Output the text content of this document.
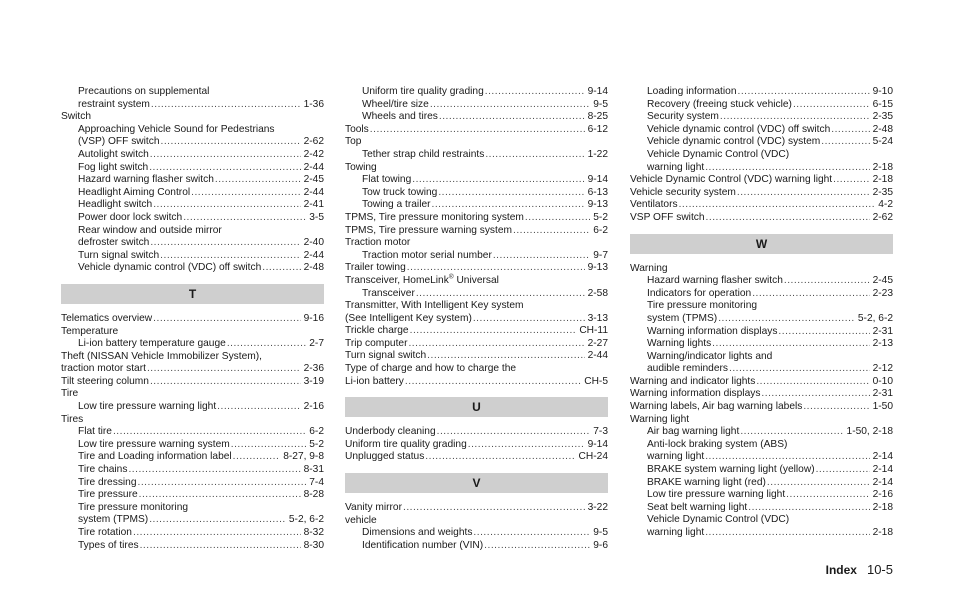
Precautions on supplemental
restraint system .....	1-36
Switch
Approaching Vehicle Sound for Pedestrians
(VSP) OFF switch .....	2-62
Autolight switch .....	2-42
Fog light switch .....	2-44
Hazard warning flasher switch .....	2-45
Headlight Aiming Control .....	2-44
Headlight switch .....	2-41
Power door lock switch .....	3-5
Rear window and outside mirror
defroster switch .....	2-40
Turn signal switch .....	2-44
Vehicle dynamic control (VDC) off switch .....	2-48
T
Telematics overview .....	9-16
Temperature
Li-ion battery temperature gauge .....	2-7
Theft (NISSAN Vehicle Immobilizer System),
traction motor start .....	2-36
Tilt steering column .....	3-19
Tire
Low tire pressure warning light .....	2-16
Tires
Flat tire .....	6-2
Low tire pressure warning system .....	5-2
Tire and Loading information label .....	8-27, 9-8
Tire chains .....	8-31
Tire dressing .....	7-4
Tire pressure .....	8-28
Tire pressure monitoring
system (TPMS) .....	5-2, 6-2
Tire rotation .....	8-32
Types of tires .....	8-30
Uniform tire quality grading .....	9-14
Wheel/tire size .....	9-5
Wheels and tires .....	8-25
Tools .....	6-12
Top
Tether strap child restraints .....	1-22
Towing
Flat towing .....	9-14
Tow truck towing .....	6-13
Towing a trailer .....	9-13
TPMS, Tire pressure monitoring system .....	5-2
TPMS, Tire pressure warning system .....	6-2
Traction motor
Traction motor serial number .....	9-7
Trailer towing .....	9-13
Transceiver, HomeLink® Universal
Transceiver .....	2-58
Transmitter, With Intelligent Key system
(See Intelligent Key system) .....	3-13
Trickle charge .....	CH-11
Trip computer .....	2-27
Turn signal switch .....	2-44
Type of charge and how to charge the
Li-ion battery .....	CH-5
U
Underbody cleaning .....	7-3
Uniform tire quality grading .....	9-14
Unplugged status .....	CH-24
V
Vanity mirror .....	3-22
vehicle
Dimensions and weights .....	9-5
Identification number (VIN) .....	9-6
Loading information .....	9-10
Recovery (freeing stuck vehicle) .....	6-15
Security system .....	2-35
Vehicle dynamic control (VDC) off switch .....	2-48
Vehicle dynamic control (VDC) system .....	5-24
Vehicle Dynamic Control (VDC)
warning light .....	2-18
Vehicle Dynamic Control (VDC) warning light .....	2-18
Vehicle security system .....	2-35
Ventilators .....	4-2
VSP OFF switch .....	2-62
W
Warning
Hazard warning flasher switch .....	2-45
Indicators for operation .....	2-23
Tire pressure monitoring
system (TPMS) .....	5-2, 6-2
Warning information displays .....	2-31
Warning lights .....	2-13
Warning/indicator lights and
audible reminders .....	2-12
Warning and indicator lights .....	0-10
Warning information displays .....	2-31
Warning labels, Air bag warning labels .....	1-50
Warning light
Air bag warning light .....	1-50, 2-18
Anti-lock braking system (ABS)
warning light .....	2-14
BRAKE system warning light (yellow) .....	2-14
BRAKE warning light (red) .....	2-14
Low tire pressure warning light .....	2-16
Seat belt warning light .....	2-18
Vehicle Dynamic Control (VDC)
warning light .....	2-18
Index 10-5
